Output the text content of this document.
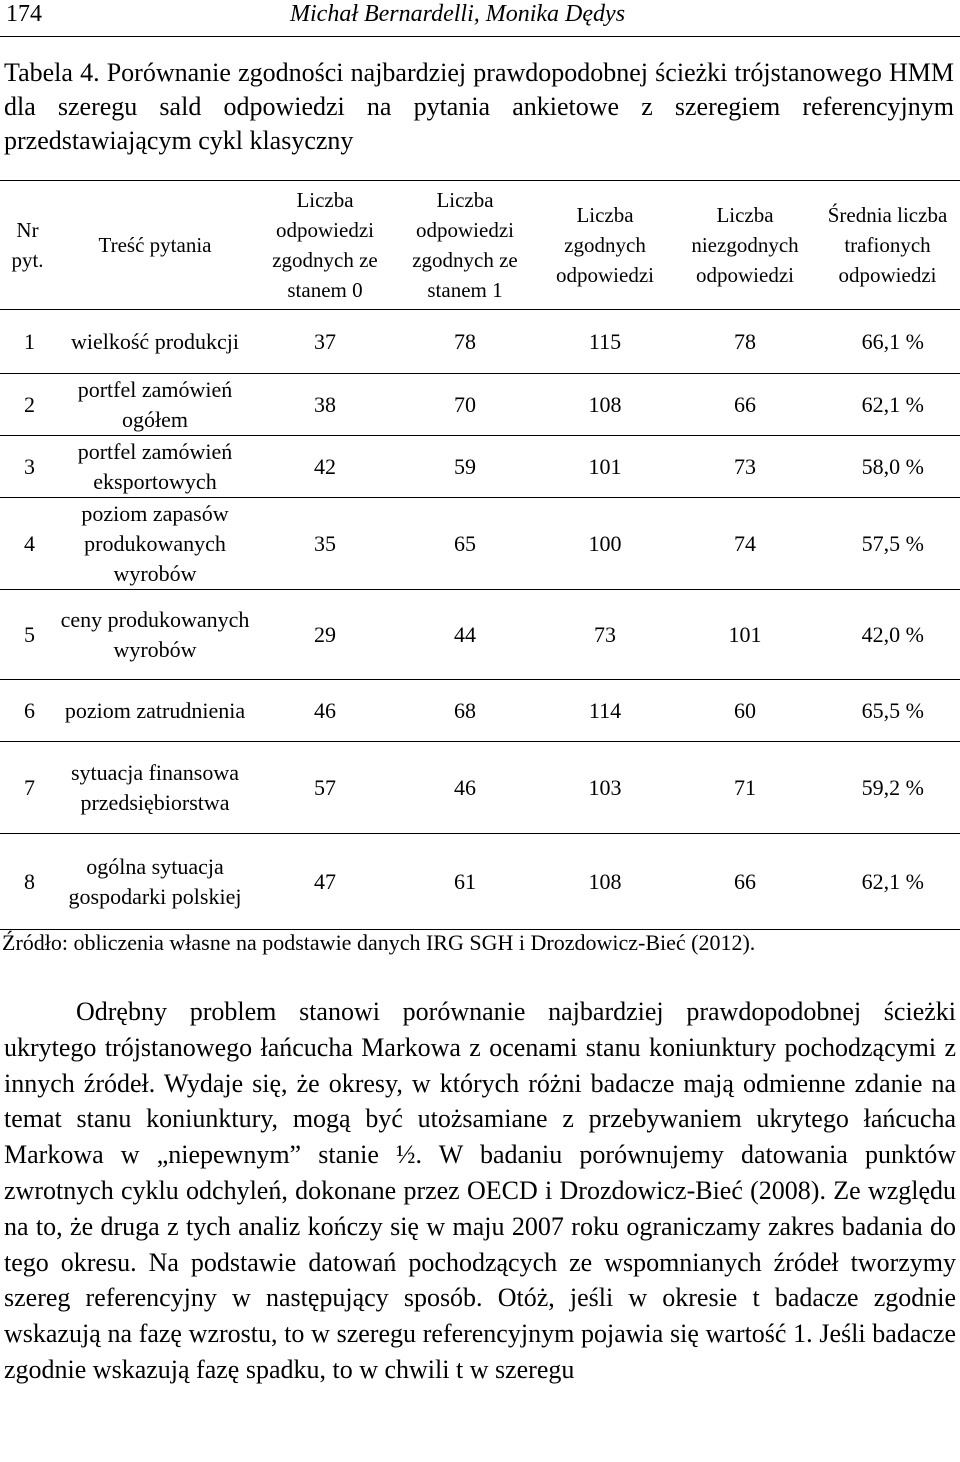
174	Michał Bernardelli, Monika Dędys
Tabela 4. Porównanie zgodności najbardziej prawdopodobnej ścieżki trójstanowego HMM dla szeregu sald odpowiedzi na pytania ankietowe z szeregiem referencyjnym przedstawiającym cykl klasyczny
Nr pyt.	Treść pytania	Liczba odpowiedzi zgodnych ze stanem 0	Liczba odpowiedzi zgodnych ze stanem 1	Liczba zgodnych odpowiedzi	Liczba niezgodnych odpowiedzi	Średnia liczba trafionych odpowiedzi
1	wielkość produkcji	37	78	115	78	66,1 %
2	portfel zamówień ogółem	38	70	108	66	62,1 %
3	portfel zamówień eksportowych	42	59	101	73	58,0 %
4	poziom zapasów produkowanych wyrobów	35	65	100	74	57,5 %
5	ceny produkowanych wyrobów	29	44	73	101	42,0 %
6	poziom zatrudnienia	46	68	114	60	65,5 %
7	sytuacja finansowa przedsiębiorstwa	57	46	103	71	59,2 %
8	ogólna sytuacja gospodarki polskiej	47	61	108	66	62,1 %
Źródło: obliczenia własne na podstawie danych IRG SGH i Drozdowicz-Bieć (2012).

Odrębny problem stanowi porównanie najbardziej prawdopodobnej ścieżki ukrytego trójstanowego łańcucha Markowa z ocenami stanu koniunktury pochodzącymi z innych źródeł. Wydaje się, że okresy, w których różni badacze mają odmienne zdanie na temat stanu koniunktury, mogą być utożsamiane z przebywaniem ukrytego łańcucha Markowa w „niepewnym” stanie ½. W badaniu porównujemy datowania punktów zwrotnych cyklu odchyleń, dokonane przez OECD i Drozdowicz-Bieć (2008). Ze względu na to, że druga z tych analiz kończy się w maju 2007 roku ograniczamy zakres badania do tego okresu. Na podstawie datowań pochodzących ze wspomnianych źródeł tworzymy szereg referencyjny w następujący sposób. Otóż, jeśli w okresie t badacze zgodnie wskazują na fazę wzrostu, to w szeregu referencyjnym pojawia się wartość 1. Jeśli badacze zgodnie wskazują fazę spadku, to w chwili t w szeregu
